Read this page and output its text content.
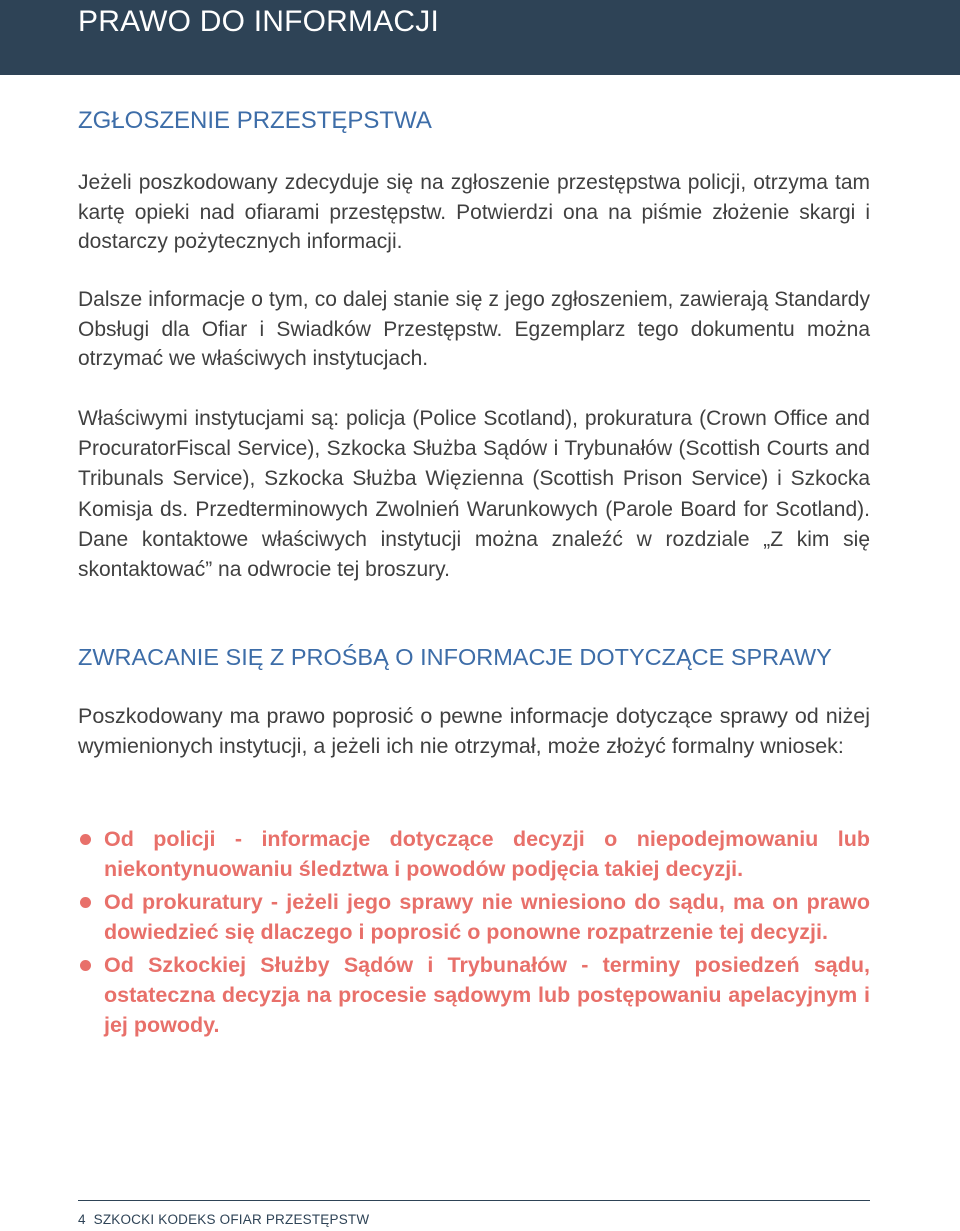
PRAWO DO INFORMACJI
ZGŁOSZENIE PRZESTĘPSTWA

Jeżeli poszkodowany zdecyduje się na zgłoszenie przestępstwa policji, otrzyma tam kartę opieki nad ofiarami przestępstw. Potwierdzi ona na piśmie złożenie skargi i dostarczy pożytecznych informacji.

Dalsze informacje o tym, co dalej stanie się z jego zgłoszeniem, zawierają Standardy Obsługi dla Ofiar i Swiadków Przestępstw. Egzemplarz tego dokumentu można otrzymać we właściwych instytucjach.

Właściwymi instytucjami są: policja (Police Scotland), prokuratura (Crown Office and ProcuratorFiscal Service), Szkocka Służba Sądów i Trybunałów (Scottish Courts and Tribunals Service), Szkocka Służba Więzienna (Scottish Prison Service) i Szkocka Komisja ds. Przedterminowych Zwolnień Warunkowych (Parole Board for Scotland). Dane kontaktowe właściwych instytucji można znaleźć w rozdziale „Z kim się skontaktować” na odwrocie tej broszury.

ZWRACANIE SIĘ Z PROŚBĄ O INFORMACJE DOTYCZĄCE SPRAWY

Poszkodowany ma prawo poprosić o pewne informacje dotyczące sprawy od niżej wymienionych instytucji, a jeżeli ich nie otrzymał, może złożyć formalny wniosek:

Od policji - informacje dotyczące decyzji o niepodejmowaniu lub niekontynuowaniu śledztwa i powodów podjęcia takiej decyzji.
Od prokuratury - jeżeli jego sprawy nie wniesiono do sądu, ma on prawo dowiedzieć się dlaczego i poprosić o ponowne rozpatrzenie tej decyzji.
Od Szkockiej Służby Sądów i Trybunałów - terminy posiedzeń sądu, ostateczna decyzja na procesie sądowym lub postępowaniu apelacyjnym i jej powody.

4 SZKOCKI KODEKS OFIAR PRZESTĘPSTW
